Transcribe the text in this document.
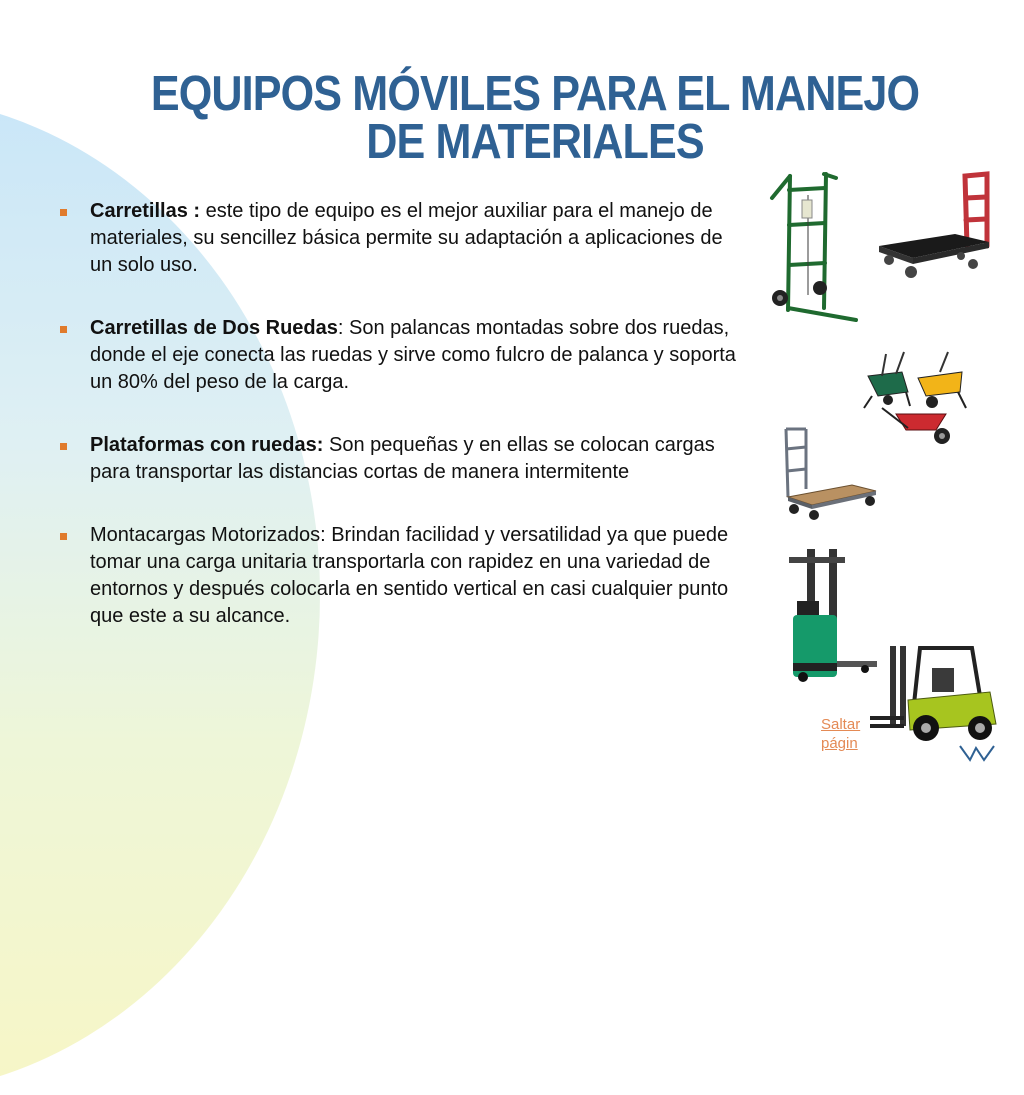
EQUIPOS MÓVILES PARA EL MANEJO
DE MATERIALES
Carretillas : este tipo de equipo es el mejor auxiliar para el manejo de materiales, su sencillez básica permite su adaptación a aplicaciones de un solo uso.
Carretillas de Dos Ruedas: Son palancas montadas sobre dos ruedas, donde el eje conecta las ruedas y sirve como fulcro de palanca y soporta un 80% del peso de la carga.
Plataformas con ruedas: Son pequeñas y en ellas se colocan cargas para transportar las distancias cortas de manera intermitente
Montacargas Motorizados: Brindan facilidad y versatilidad ya que puede tomar una carga unitaria transportarla con rapidez en una variedad de entornos y después colocarla en sentido vertical en casi cualquier punto que este a su alcance.
Saltar
págin
